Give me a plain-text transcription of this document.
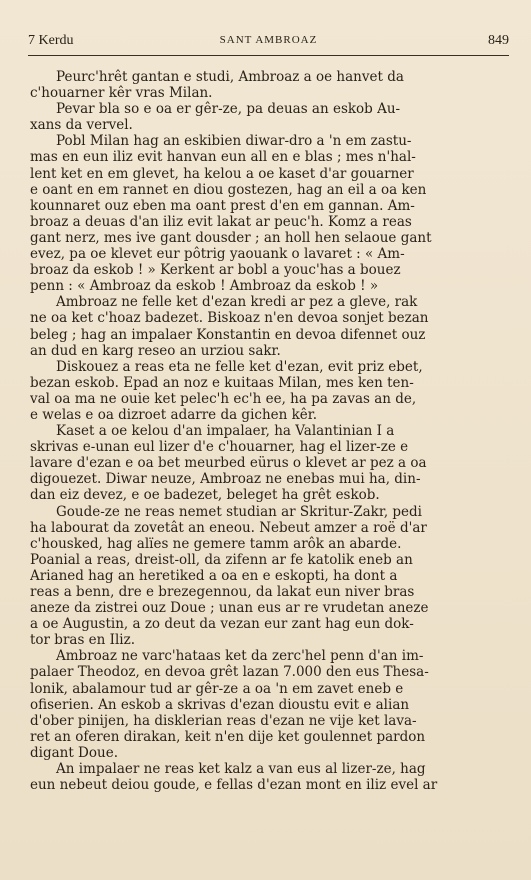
7 Kerdu	SANT AMBROAZ	849
Peurc'hrêt gantan e studi, Ambroaz a oe hanvet da
c'houarner kêr vras Milan.
Pevar bla so e oa er gêr-ze, pa deuas an eskob Au-
xans da vervel.
Pobl Milan hag an eskibien diwar-dro a 'n em zastu-
mas en eun iliz evit hanvan eun all en e blas ; mes n'hal-
lent ket en em glevet, ha kelou a oe kaset d'ar gouarner
e oant en em rannet en diou gostezen, hag an eil a oa ken
kounnaret ouz eben ma oant prest d'en em gannan. Am-
broaz a deuas d'an iliz evit lakat ar peuc'h. Komz a reas
gant nerz, mes ive gant dousder ; an holl hen selaoue gant
evez, pa oe klevet eur pôtrig yaouank o lavaret : « Am-
broaz da eskob ! » Kerkent ar bobl a youc'has a bouez
penn : « Ambroaz da eskob ! Ambroaz da eskob ! »
Ambroaz ne felle ket d'ezan kredi ar pez a gleve, rak
ne oa ket c'hoaz badezet. Biskoaz n'en devoa sonjet bezan
beleg ; hag an impalaer Konstantin en devoa difennet ouz
an dud en karg reseo an urziou sakr.
Diskouez a reas eta ne felle ket d'ezan, evit priz ebet,
bezan eskob. Epad an noz e kuitaas Milan, mes ken ten-
val oa ma ne ouie ket pelec'h ec'h ee, ha pa zavas an de,
e welas e oa dizroet adarre da gichen kêr.
Kaset a oe kelou d'an impalaer, ha Valantinian I a
skrivas e-unan eul lizer d'e c'houarner, hag el lizer-ze e
lavare d'ezan e oa bet meurbed eürus o klevet ar pez a oa
digouezet. Diwar neuze, Ambroaz ne enebas mui ha, din-
dan eiz devez, e oe badezet, beleget ha grêt eskob.
Goude-ze ne reas nemet studian ar Skritur-Zakr, pedi
ha labourat da zovetât an eneou. Nebeut amzer a roë d'ar
c'housked, hag alïes ne gemere tamm arôk an abarde.
Poanial a reas, dreist-oll, da zifenn ar fe katolik eneb an
Arianed hag an heretiked a oa en e eskopti, ha dont a
reas a benn, dre e brezegennou, da lakat eun niver bras
aneze da zistrei ouz Doue ; unan eus ar re vrudetan aneze
a oe Augustin, a zo deut da vezan eur zant hag eun dok-
tor bras en Iliz.
Ambroaz ne varc'hataas ket da zerc'hel penn d'an im-
palaer Theodoz, en devoa grêt lazan 7.000 den eus Thesa-
lonik, abalamour tud ar gêr-ze a oa 'n em zavet eneb e
ofiserien. An eskob a skrivas d'ezan dioustu evit e alian
d'ober pinijen, ha disklerian reas d'ezan ne vije ket lava-
ret an oferen dirakan, keit n'en dije ket goulennet pardon
digant Doue.
An impalaer ne reas ket kalz a van eus al lizer-ze, hag
eun nebeut deiou goude, e fellas d'ezan mont en iliz evel ar
